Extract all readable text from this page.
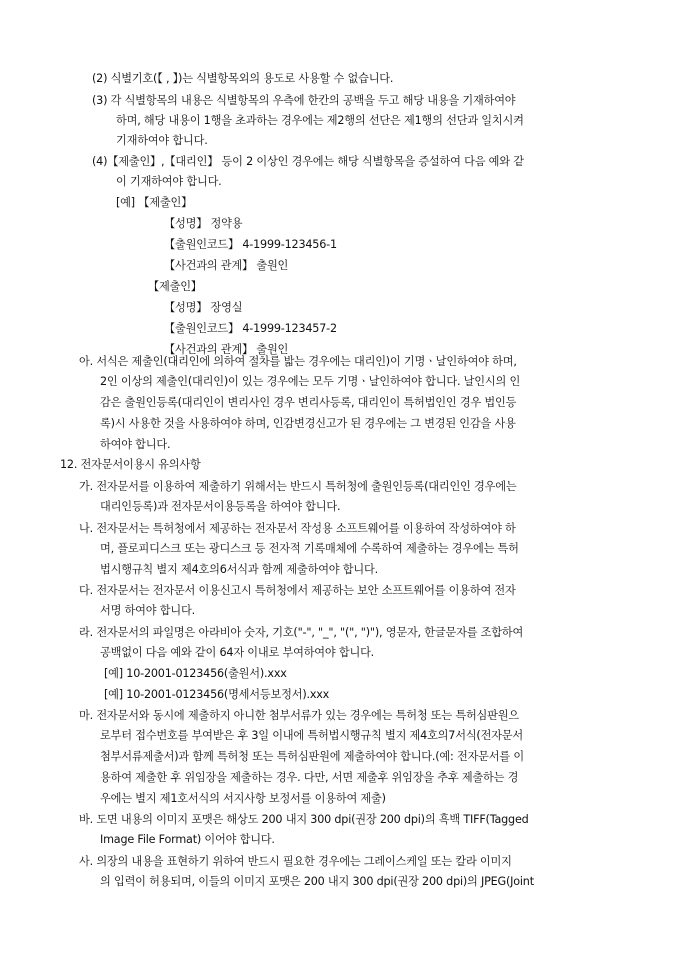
(2) 식별기호(【 , 】)는 식별항목외의 용도로 사용할 수 없습니다.
(3) 각 식별항목의 내용은 식별항목의 우측에 한칸의 공백을 두고 해당 내용을 기재하여야
하며, 해당 내용이 1행을 초과하는 경우에는 제2행의 선단은 제1행의 선단과 일치시켜
기재하여야 합니다.
(4)【제출인】,【대리인】 등이 2 이상인 경우에는 해당 식별항목을 증설하여 다음 예와 같
이 기재하여야 합니다.
[예] 【제출인】
【성명】 정약용
【출원인코드】 4-1999-123456-1
【사건과의 관계】 출원인
【제출인】
【성명】 장영실
【출원인코드】 4-1999-123457-2
【사건과의 관계】 출원인
아. 서식은 제출인(대리인에 의하여 절차를 밟는 경우에는 대리인)이 기명ㆍ날인하여야 하며,
2인 이상의 제출인(대리인)이 있는 경우에는 모두 기명ㆍ날인하여야 합니다. 날인시의 인
감은 출원인등록(대리인이 변리사인 경우 변리사등록, 대리인이 특허법인인 경우 법인등
록)시 사용한 것을 사용하여야 하며, 인감변경신고가 된 경우에는 그 변경된 인감을 사용
하여야 합니다.
12. 전자문서이용시 유의사항
가. 전자문서를 이용하여 제출하기 위해서는 반드시 특허청에 출원인등록(대리인인 경우에는
대리인등록)과 전자문서이용등록을 하여야 합니다.
나. 전자문서는 특허청에서 제공하는 전자문서 작성용 소프트웨어를 이용하여 작성하여야 하
며, 플로피디스크 또는 광디스크 등 전자적 기록매체에 수록하여 제출하는 경우에는 특허
법시행규칙 별지 제4호의6서식과 함께 제출하여야 합니다.
다. 전자문서는 전자문서 이용신고시 특허청에서 제공하는 보안 소프트웨어를 이용하여 전자
서명 하여야 합니다.
라. 전자문서의 파일명은 아라비아 숫자, 기호("-", "_", "(", ")"), 영문자, 한글문자를 조합하여
공백없이 다음 예와 같이 64자 이내로 부여하여야 합니다.
[예] 10-2001-0123456(출원서).xxx
[예] 10-2001-0123456(명세서등보정서).xxx
마. 전자문서와 동시에 제출하지 아니한 첨부서류가 있는 경우에는 특허청 또는 특허심판원으
로부터 접수번호를 부여받은 후 3일 이내에 특허법시행규칙 별지 제4호의7서식(전자문서
첨부서류제출서)과 함께 특허청 또는 특허심판원에 제출하여야 합니다.(예: 전자문서를 이
용하여 제출한 후 위임장을 제출하는 경우. 다만, 서면 제출후 위임장을 추후 제출하는 경
우에는 별지 제1호서식의 서지사항 보정서를 이용하여 제출)
바. 도면 내용의 이미지 포맷은 해상도 200 내지 300 dpi(권장 200 dpi)의 흑백 TIFF(Tagged
Image File Format) 이어야 합니다.
사. 의장의 내용을 표현하기 위하여 반드시 필요한 경우에는 그레이스케일 또는 칼라 이미지
의 입력이 허용되며, 이들의 이미지 포맷은 200 내지 300 dpi(권장 200 dpi)의 JPEG(Joint
